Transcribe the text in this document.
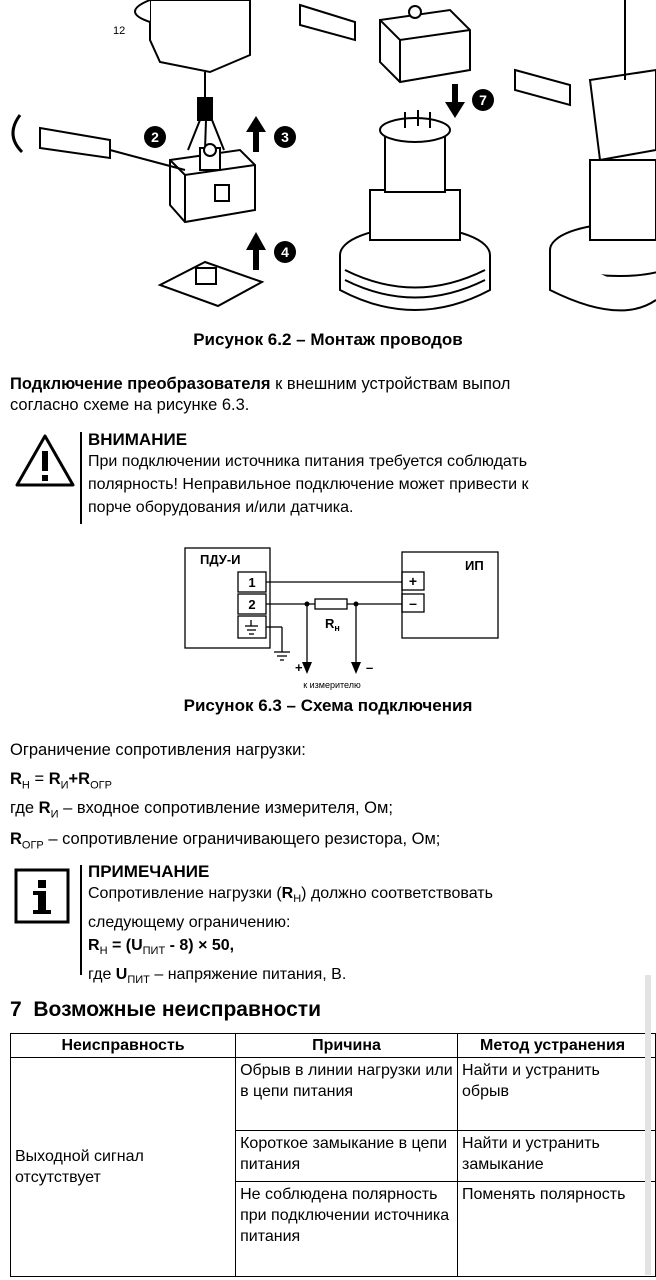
2	3
4
7
12
Рисунок 6.2 – Монтаж проводов
Подключение преобразователя к внешним устройствам выпол
согласно схеме на рисунке 6.3.
ВНИМАНИЕ
При подключении источника питания требуется соблюдать
полярность! Неправильное подключение может привести к
порче оборудования и/или датчика.
ПДУ-И
1
2
ИП
+
–
$R_н$
+	–
к измерителю
Рисунок 6.3 – Схема подключения
Ограничение сопротивления нагрузки:
$R_Н = R_И+R_{ОГР}$
где $R_И$ – входное сопротивление измерителя, Ом;
$R_{ОГР}$ – сопротивление ограничивающего резистора, Ом;
ПРИМЕЧАНИЕ
Сопротивление нагрузки $(R_Н)$ должно соответствовать
следующему ограничению:
$R_Н = (U_{ПИТ} - 8) \times 50$,
где $U_{ПИТ}$ – напряжение питания, В.
7 Возможные неисправности
Неисправность	Причина	Метод устранения
Выходной сигнал отсутствует	Обрыв в линии нагрузки или в цепи питания	Найти и устранить обрыв
	Короткое замыкание в цепи питания	Найти и устранить замыкание
	Не соблюдена полярность при подключении источника питания	Поменять полярность
